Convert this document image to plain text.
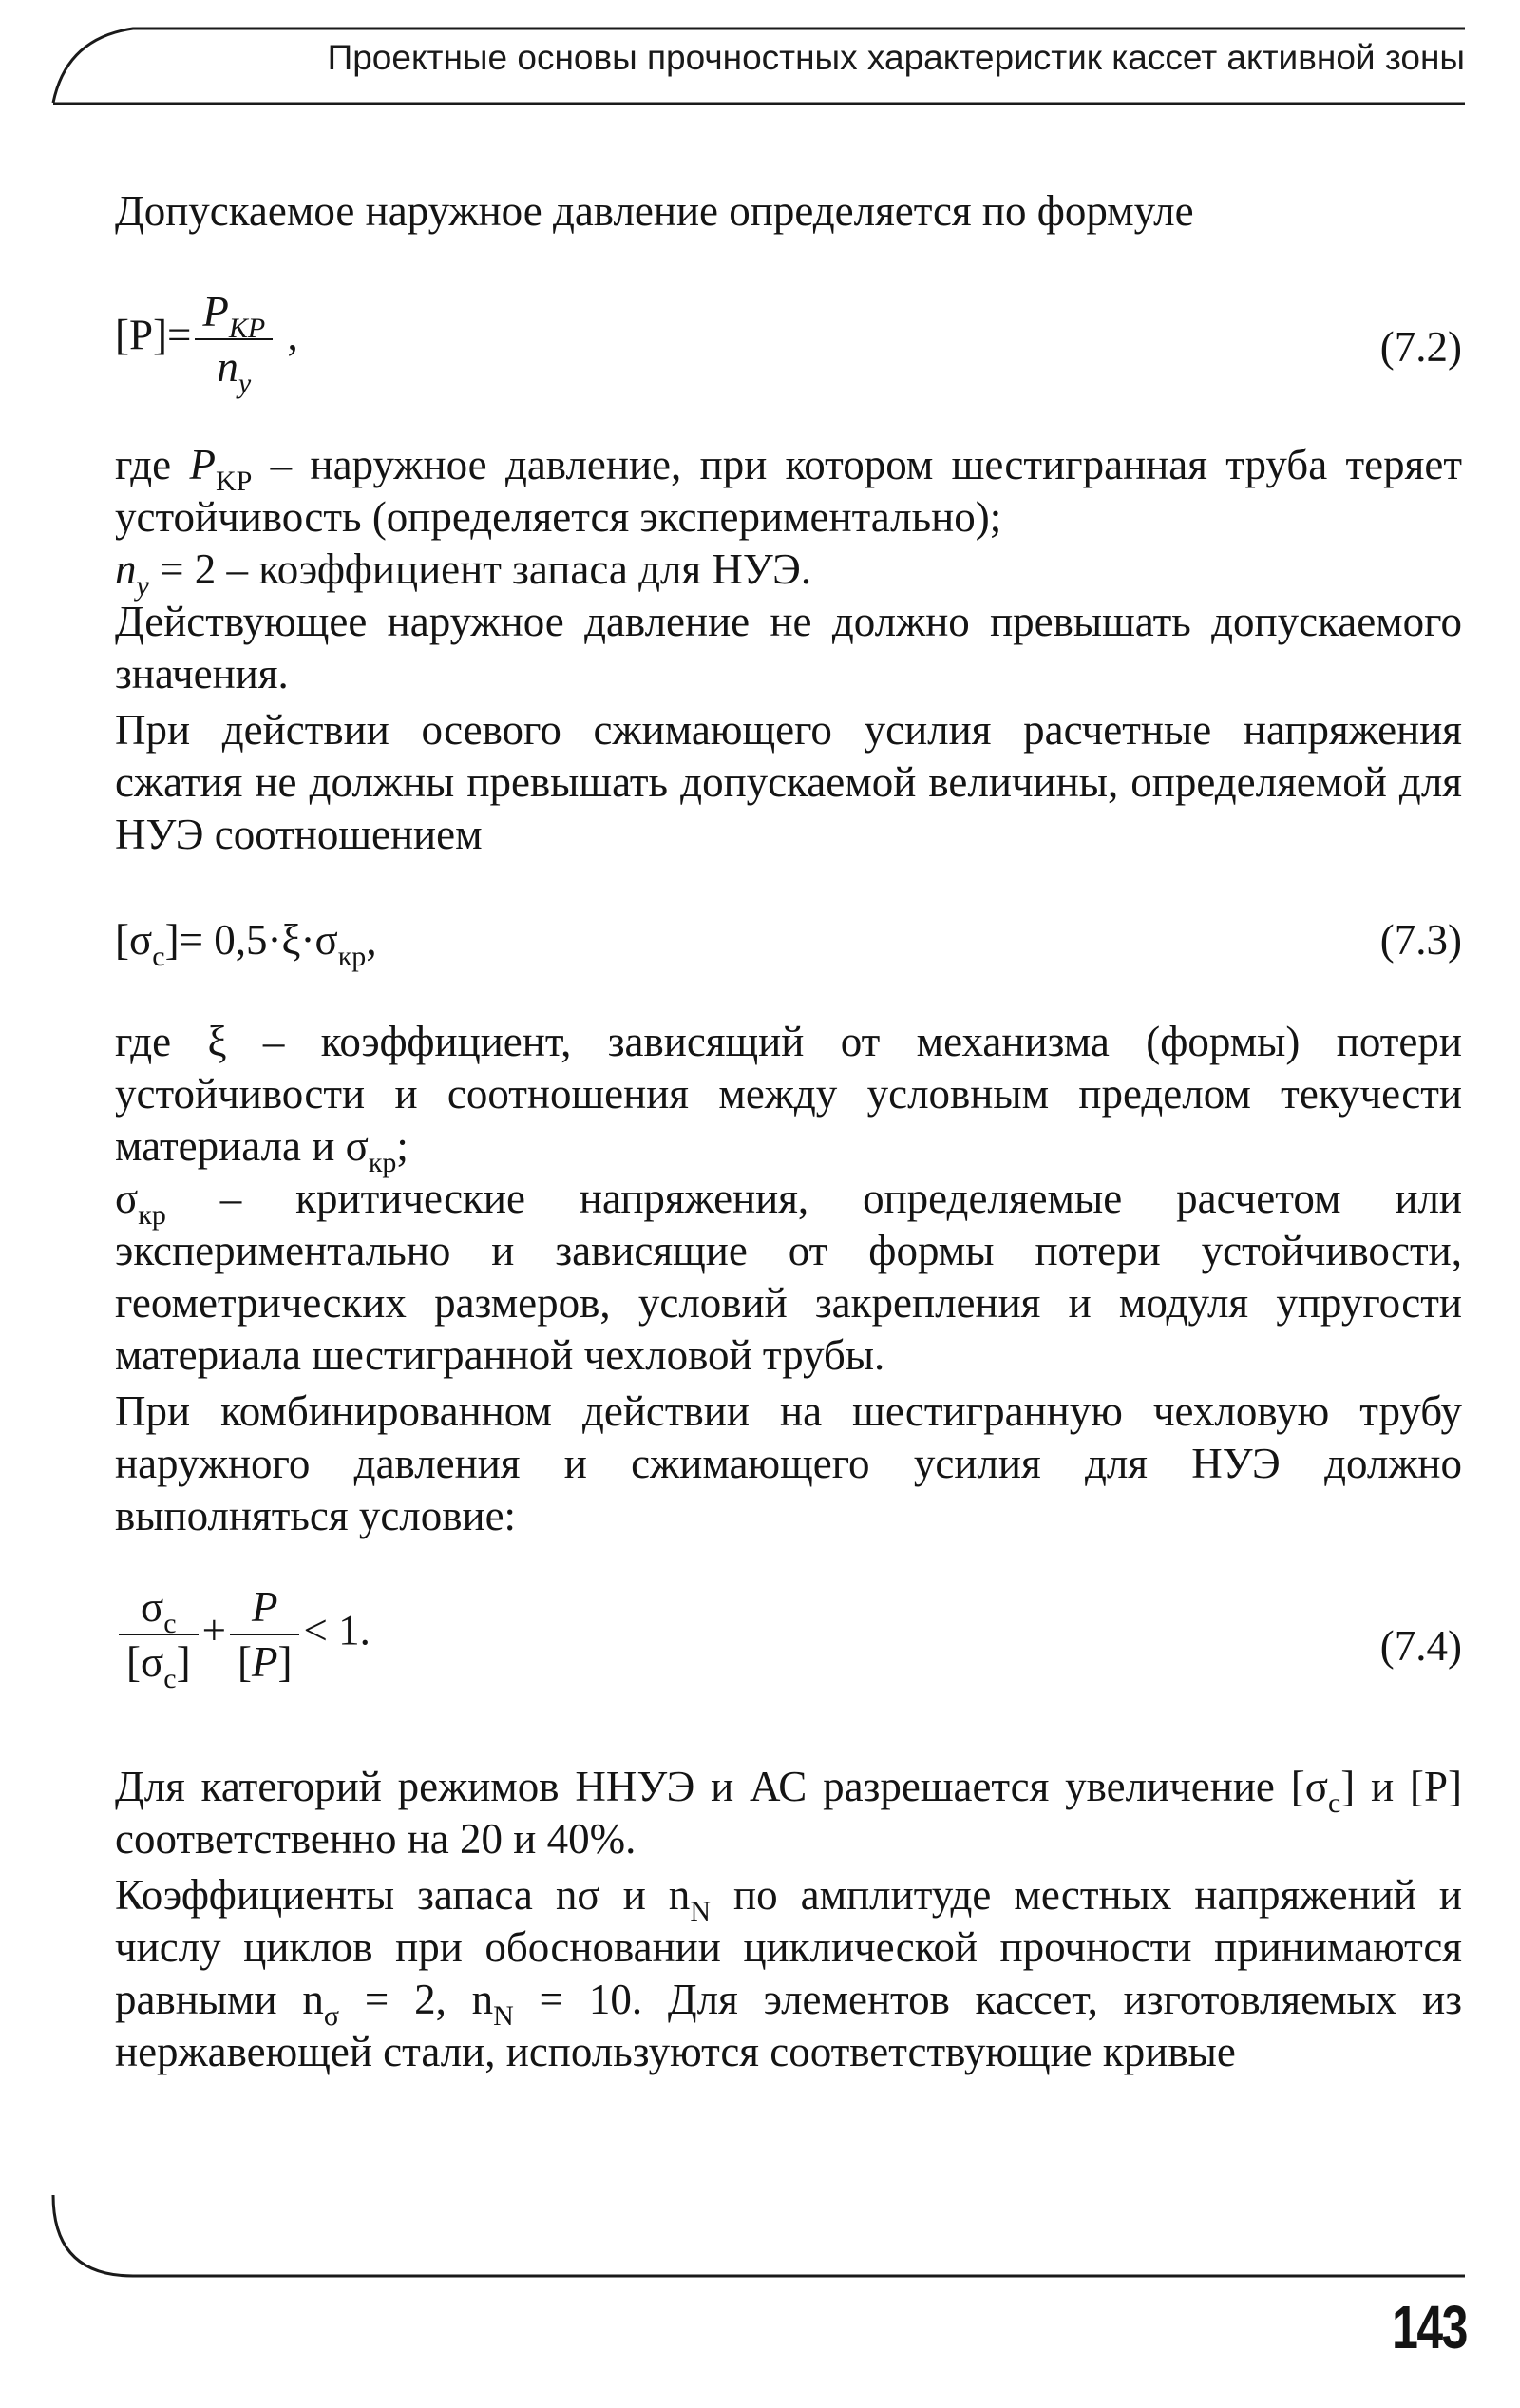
Проектные основы прочностных характеристик кассет активной зоны

Допускаемое наружное давление определяется по формуле

$[P]= \frac{P_{KP}}{n_y}$ ,	(7.2)

где $P_{KP}$ – наружное давление, при котором шестигранная труба теряет устойчивость (определяется экспериментально);

$n_y = 2$ – коэффициент запаса для НУЭ.

Действующее наружное давление не должно превышать допускаемого значения.

При действии осевого сжимающего усилия расчетные напряжения сжатия не должны превышать допускаемой величины, определяемой для НУЭ соотношением

$[\sigma_c]= 0,5\cdot\xi\cdot\sigma_{кр}$,	(7.3)

где ξ – коэффициент, зависящий от механизма (формы) потери устойчивости и соотношения между условным пределом текучести материала и $\sigma_{кр}$;

$\sigma_{кр}$ – критические напряжения, определяемые расчетом или экспериментально и зависящие от формы потери устойчивости, геометрических размеров, условий закрепления и модуля упругости материала шестигранной чехловой трубы.

При комбинированном действии на шестигранную чехловую трубу наружного давления и сжимающего усилия для НУЭ должно выполняться условие:

$\frac{\sigma_c}{[\sigma_c]} + \frac{P}{[P]} < 1$.	(7.4)

Для категорий режимов ННУЭ и АС разрешается увеличение $[\sigma_c]$ и [P] соответственно на 20 и 40%.

Коэффициенты запаса nσ и $n_N$ по амплитуде местных напряжений и числу циклов при обосновании циклической прочности принимаются равными $n_\sigma = 2$, $n_N = 10$. Для элементов кассет, изготовляемых из нержавеющей стали, используются соответствующие кривые

143
